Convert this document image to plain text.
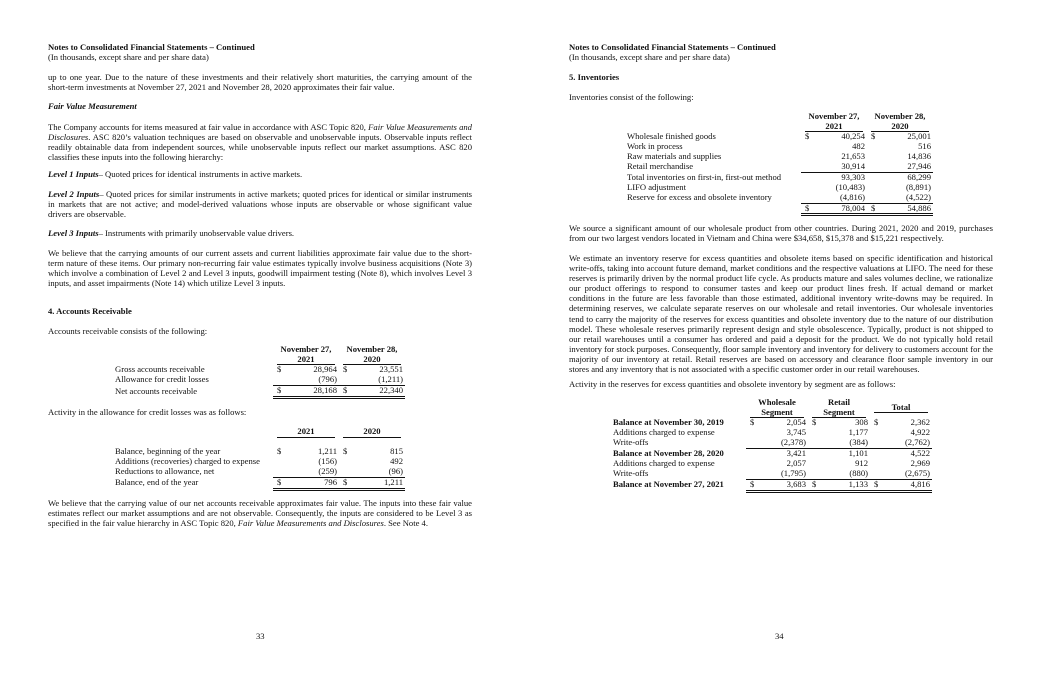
Notes to Consolidated Financial Statements – Continued
(In thousands, except share and per share data)
up to one year. Due to the nature of these investments and their relatively short maturities, the carrying amount of the short-term investments at November 27, 2021 and November 28, 2020 approximates their fair value.
Fair Value Measurement
The Company accounts for items measured at fair value in accordance with ASC Topic 820, Fair Value Measurements and Disclosures. ASC 820’s valuation techniques are based on observable and unobservable inputs. Observable inputs reflect readily obtainable data from independent sources, while unobservable inputs reflect our market assumptions. ASC 820 classifies these inputs into the following hierarchy:
Level 1 Inputs– Quoted prices for identical instruments in active markets.
Level 2 Inputs– Quoted prices for similar instruments in active markets; quoted prices for identical or similar instruments in markets that are not active; and model-derived valuations whose inputs are observable or whose significant value drivers are observable.
Level 3 Inputs– Instruments with primarily unobservable value drivers.
We believe that the carrying amounts of our current assets and current liabilities approximate fair value due to the short-term nature of these items. Our primary non-recurring fair value estimates typically involve business acquisitions (Note 3) which involve a combination of Level 2 and Level 3 inputs, goodwill impairment testing (Note 8), which involves Level 3 inputs, and asset impairments (Note 14) which utilize Level 3 inputs.
4. Accounts Receivable
Accounts receivable consists of the following:

	November 27, 2021		November 28, 2020	

Gross accounts receivable	$	28,964	$	23,551
Allowance for credit losses		(796)		(1,211)
Net accounts receivable	$	28,168	$	22,340
Activity in the allowance for credit losses was as follows:

	2021		2020	

Balance, beginning of the year	$	1,211	$	815
Additions (recoveries) charged to expense		(156)		492
Reductions to allowance, net		(259)		(96)
Balance, end of the year	$	796	$	1,211
We believe that the carrying value of our net accounts receivable approximates fair value. The inputs into these fair value estimates reflect our market assumptions and are not observable. Consequently, the inputs are considered to be Level 3 as specified in the fair value hierarchy in ASC Topic 820, Fair Value Measurements and Disclosures. See Note 4.
33
Notes to Consolidated Financial Statements – Continued
(In thousands, except share and per share data)
5. Inventories
Inventories consist of the following:

	November 27, 2021		November 28, 2020	

Wholesale finished goods	$	40,254	$	25,001
Work in process		482		516
Raw materials and supplies		21,653		14,836
Retail merchandise		30,914		27,946
Total inventories on first-in, first-out method		93,303		68,299
LIFO adjustment		(10,483)		(8,891)
Reserve for excess and obsolete inventory		(4,816)		(4,522)
	$	78,004	$	54,886
We source a significant amount of our wholesale product from other countries. During 2021, 2020 and 2019, purchases from our two largest vendors located in Vietnam and China were $34,658, $15,378 and $15,221 respectively.
We estimate an inventory reserve for excess quantities and obsolete items based on specific identification and historical write-offs, taking into account future demand, market conditions and the respective valuations at LIFO. The need for these reserves is primarily driven by the normal product life cycle. As products mature and sales volumes decline, we rationalize our product offerings to respond to consumer tastes and keep our product lines fresh. If actual demand or market conditions in the future are less favorable than those estimated, additional inventory write-downs may be required. In determining reserves, we calculate separate reserves on our wholesale and retail inventories. Our wholesale inventories tend to carry the majority of the reserves for excess quantities and obsolete inventory due to the nature of our distribution model. These wholesale reserves primarily represent design and style obsolescence. Typically, product is not shipped to our retail warehouses until a consumer has ordered and paid a deposit for the product. We do not typically hold retail inventory for stock purposes. Consequently, floor sample inventory and inventory for delivery to customers account for the majority of our inventory at retail. Retail reserves are based on accessory and clearance floor sample inventory in our stores and any inventory that is not associated with a specific customer order in our retail warehouses.
Activity in the reserves for excess quantities and obsolete inventory by segment are as follows:

	Wholesale Segment		Retail Segment		Total	

Balance at November 30, 2019	$	2,054	$	308	$	2,362
Additions charged to expense		3,745		1,177		4,922
Write-offs		(2,378)		(384)		(2,762)
Balance at November 28, 2020		3,421		1,101		4,522
Additions charged to expense		2,057		912		2,969
Write-offs		(1,795)		(880)		(2,675)
Balance at November 27, 2021	$	3,683	$	1,133	$	4,816
34
